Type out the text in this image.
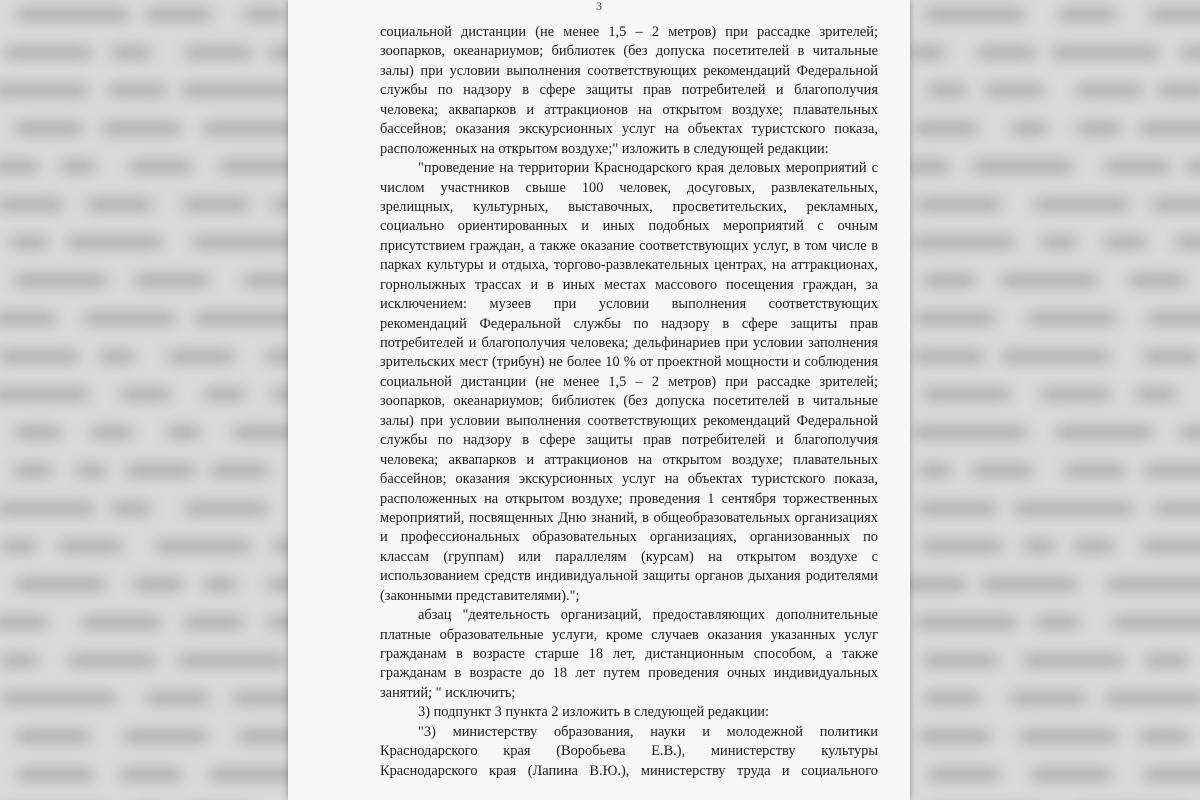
3
социальной дистанции (не менее 1,5 – 2 метров) при рассадке зрителей;
зоопарков, океанариумов; библиотек (без допуска посетителей в читальные
залы) при условии выполнения соответствующих рекомендаций Федеральной
службы по надзору в сфере защиты прав потребителей и благополучия
человека; аквапарков и аттракционов на открытом воздухе; плавательных
бассейнов; оказания экскурсионных услуг на объектах туристского показа,
расположенных на открытом воздухе;" изложить в следующей редакции:
"проведение на территории Краснодарского края деловых мероприятий с
числом участников свыше 100 человек, досуговых, развлекательных,
зрелищных, культурных, выставочных, просветительских, рекламных,
социально ориентированных и иных подобных мероприятий с очным
присутствием граждан, а также оказание соответствующих услуг, в том числе в
парках культуры и отдыха, торгово-развлекательных центрах, на аттракционах,
горнолыжных трассах и в иных местах массового посещения граждан, за
исключением: музеев при условии выполнения соответствующих
рекомендаций Федеральной службы по надзору в сфере защиты прав
потребителей и благополучия человека; дельфинариев при условии заполнения
зрительских мест (трибун) не более 10 % от проектной мощности и соблюдения
социальной дистанции (не менее 1,5 – 2 метров) при рассадке зрителей;
зоопарков, океанариумов; библиотек (без допуска посетителей в читальные
залы) при условии выполнения соответствующих рекомендаций Федеральной
службы по надзору в сфере защиты прав потребителей и благополучия
человека; аквапарков и аттракционов на открытом воздухе; плавательных
бассейнов; оказания экскурсионных услуг на объектах туристского показа,
расположенных на открытом воздухе; проведения 1 сентября торжественных
мероприятий, посвященных Дню знаний, в общеобразовательных организациях
и профессиональных образовательных организациях, организованных по
классам (группам) или параллелям (курсам) на открытом воздухе с
использованием средств индивидуальной защиты органов дыхания родителями
(законными представителями).";
абзац "деятельность организаций, предоставляющих дополнительные
платные образовательные услуги, кроме случаев оказания указанных услуг
гражданам в возрасте старше 18 лет, дистанционным способом, а также
гражданам в возрасте до 18 лет путем проведения очных индивидуальных
занятий; " исключить;
3) подпункт 3 пункта 2 изложить в следующей редакции:
"3) министерству образования, науки и молодежной политики
Краснодарского края (Воробьева Е.В.), министерству культуры
Краснодарского края (Лапина В.Ю.), министерству труда и социального
